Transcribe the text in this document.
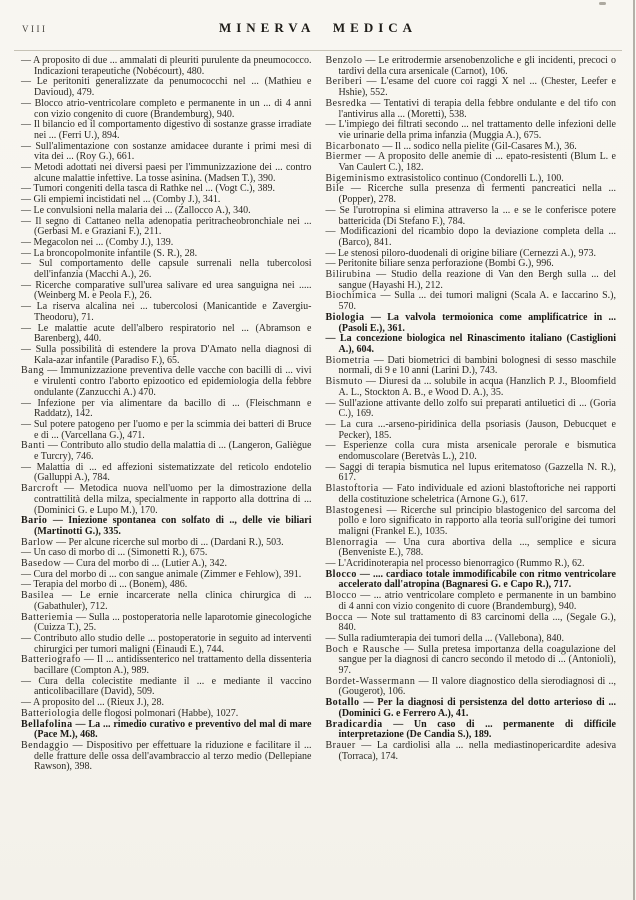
VIII	MINERVA MEDICA

— A proposito di due ... ammalati di pleuriti purulente da pneumococco. Indicazioni terapeutiche (Nobécourt), 480.

— Le peritoniti generalizzate da penumococchi nel ... (Mathieu e Davioud), 479.

— Blocco atrio-ventricolare completo e permanente in un ... di 4 anni con vizio congenito di cuore (Brandemburg), 940.

— Il bilancio ed il comportamento digestivo di sostanze grasse irradiate nei ... (Ferri U.), 894.

— Sull'alimentazione con sostanze amidacee durante i primi mesi di vita dei ... (Roy G.), 661.

— Metodi adottati nei diversi paesi per l'immunizzazione dei ... contro alcune malattie infettive. La tosse asinina. (Madsen T.), 390.

— Tumori congeniti della tasca di Rathke nel ... (Vogt C.), 389.

— Gli empiemi incistidati nel ... (Comby J.), 341.

— Le convulsioni nella malaria dei ... (Zallocco A.), 340.

— Il segno di Cattaneo nella adenopatia peritracheobronchiale nei ... (Gerbasi M. e Graziani F.), 211.

— Megacolon nei ... (Comby J.), 139.

— La broncopolmonite infantile (S. R.), 28.

— Sul comportamento delle capsule surrenali nella tubercolosi dell'infanzia (Macchi A.), 26.

— Ricerche comparative sull'urea salivare ed urea sanguigna nei ..... (Weinberg M. e Peola F.), 26.

— La riserva alcalina nei ... tubercolosi (Manicantide e Zavergiu-Theodoru), 71.

— Le malattie acute dell'albero respiratorio nel ... (Abramson e Barenberg), 440.

— Sulla possibilità di estendere la prova D'Amato nella diagnosi di Kala-azar infantile (Paradiso F.), 65.

Bang — Immunizzazione preventiva delle vacche con bacilli di ... vivi e virulenti contro l'aborto epizootico ed epidemiologia della febbre ondulante (Zanzucchi A.) 470.

— Infezione per via alimentare da bacillo di ... (Fleischmann e Raddatz), 142.

— Sul potere patogeno per l'uomo e per la scimmia dei batteri di Bruce e di ... (Varcellana G.), 471.

Banti — Contributo allo studio della malattia di ... (Langeron, Galiègue e Turcry), 746.

— Malattia di ... ed affezioni sistematizzate del reticolo endotelio (Galluppi A.), 784.

Barcroft — Metodica nuova nell'uomo per la dimostrazione della contrattilità della milza, specialmente in rapporto alla dottrina di ... (Dominici G. e Lupo M.), 170.

Bario — Iniezione spontanea con solfato di .., delle vie biliari (Martinotti G.), 335.

Barlow — Per alcune ricerche sul morbo di ... (Dardani R.), 503.

— Un caso di morbo di ... (Simonetti R.), 675.

Basedow — Cura del morbo di ... (Lutier A.), 342.

— Cura del morbo di ... con sangue animale (Zimmer e Fehlow), 391.

— Terapia del morbo di ... (Bonem), 486.

Basilea — Le ernie incarcerate nella clinica chirurgica di ... (Gabathuler), 712.

Batteriemia — Sulla ... postoperatoria nelle laparotomie ginecologiche (Cuizza T.), 25.

— Contributo allo studio delle ... postoperatorie in seguito ad interventi chirurgici per tumori maligni (Einaudi E.), 744.

Batteriografo — Il ... antidissenterico nel trattamento della dissenteria bacillare (Compton A.), 989.

— Cura della colecistite mediante il ... e mediante il vaccino anticolibacillare (David), 509.

— A proposito del ... (Rieux J.), 28.

Batteriologia delle flogosi polmonari (Habbe), 1027.

Bellafolina — La ... rimedio curativo e preventivo del mal di mare (Pace M.), 468.

Bendaggio — Dispositivo per effettuare la riduzione e facilitare il ... delle fratture delle ossa dell'avambraccio al terzo medio (Dellepiane Rawson), 398.

Benzolo — Le eritrodermie arsenobenzoliche e gli incidenti, precoci o tardivi della cura arsenicale (Carnot), 106.

Beriberi — L'esame del cuore coi raggi X nel ... (Chester, Leefer e Hshie), 552.

Besredka — Tentativi di terapia della febbre ondulante e del tifo con l'antivirus alla ... (Moretti), 538.

— L'impiego dei filtrati secondo ... nel trattamento delle infezioni delle vie urinarie della prima infanzia (Muggia A.), 675.

Bicarbonato — Il ... sodico nella pielite (Gil-Casares M.), 36.

Biermer — A proposito delle anemie di ... epato-resistenti (Blum L. e Van Caulert C.), 182.

Bigeminismo extrasistolico continuo (Condorelli L.), 100.

Bile — Ricerche sulla presenza di fermenti pancreatici nella ... (Popper), 278.

— Se l'urotropina si elimina attraverso la ... e se le conferisce potere battericida (Di Stefano F.), 784.

— Modificazioni del ricambio dopo la deviazione completa della ... (Barco), 841.

— Le stenosi piloro-duodenali di origine biliare (Cernezzi A.), 973.

— Peritonite biliare senza perforazione (Bombi G.), 996.

Bilirubina — Studio della reazione di Van den Bergh sulla ... del sangue (Hayashi H.), 212.

Biochimica — Sulla ... dei tumori maligni (Scala A. e Iaccarino S.), 570.

Biologia — La valvola termoionica come amplificatrice in ... (Pasoli E.), 361.

— La concezione biologica nel Rinascimento italiano (Castiglioni A.), 604.

Biometria — Dati biometrici di bambini bolognesi di sesso maschile normali, di 9 e 10 anni (Larini D.), 743.

Bismuto — Diuresi da ... solubile in acqua (Hanzlich P. J., Bloomfield A. L., Stockton A. B., e Wood D. A.), 35.

— Sull'azione attivante dello zolfo sui preparati antiluetici di ... (Goria C.), 169.

— La cura ...-arseno-piridinica della psoriasis (Jauson, Debucquet e Pecker), 185.

— Esperienze colla cura mista arsenicale perorale e bismutica endomuscolare (Beretvàs L.), 210.

— Saggi di terapia bismutica nel lupus eritematoso (Gazzella N. R.), 617.

Blastoftoria — Fato individuale ed azioni blastoftoriche nei rapporti della costituzione scheletrica (Arnone G.), 617.

Blastogenesi — Ricerche sul principio blastogenico del sarcoma del pollo e loro significato in rapporto alla teoria sull'origine dei tumori maligni (Frankel E.), 1035.

Blenorragia — Una cura abortiva della ..., semplice e sicura (Benveniste E.), 788.

— L'Acridinoterapia nel processo bienorragico (Rummo R.), 62.

Blocco — .... cardiaco totale immodificabile con ritmo ventricolare accelerato dall'atropina (Bagnaresi G. e Capo R.), 717.

Blocco — ... atrio ventricolare completo e permanente in un bambino di 4 anni con vizio congenito di cuore (Brandemburg), 940.

Bocca — Note sul trattamento di 83 carcinomi della ..., (Segale G.), 840.

— Sulla radiumterapia dei tumori della ... (Vallebona), 840.

Boch e Rausche — Sulla pretesa importanza della coagulazione del sangue per la diagnosi di cancro secondo il metodo di ... (Antonioli), 97.

Bordet-Wassermann — Il valore diagnostico della sierodiagnosi di .., (Gougerot), 106.

Botallo — Per la diagnosi di persistenza del dotto arterioso di ... (Dominici G. e Ferrero A.), 41.

Bradicardia — Un caso di ... permanente di difficile interpretazione (De Candia S.), 189.

Brauer — La cardiolisi alla ... nella mediastinopericardite adesiva (Torraca), 174.
